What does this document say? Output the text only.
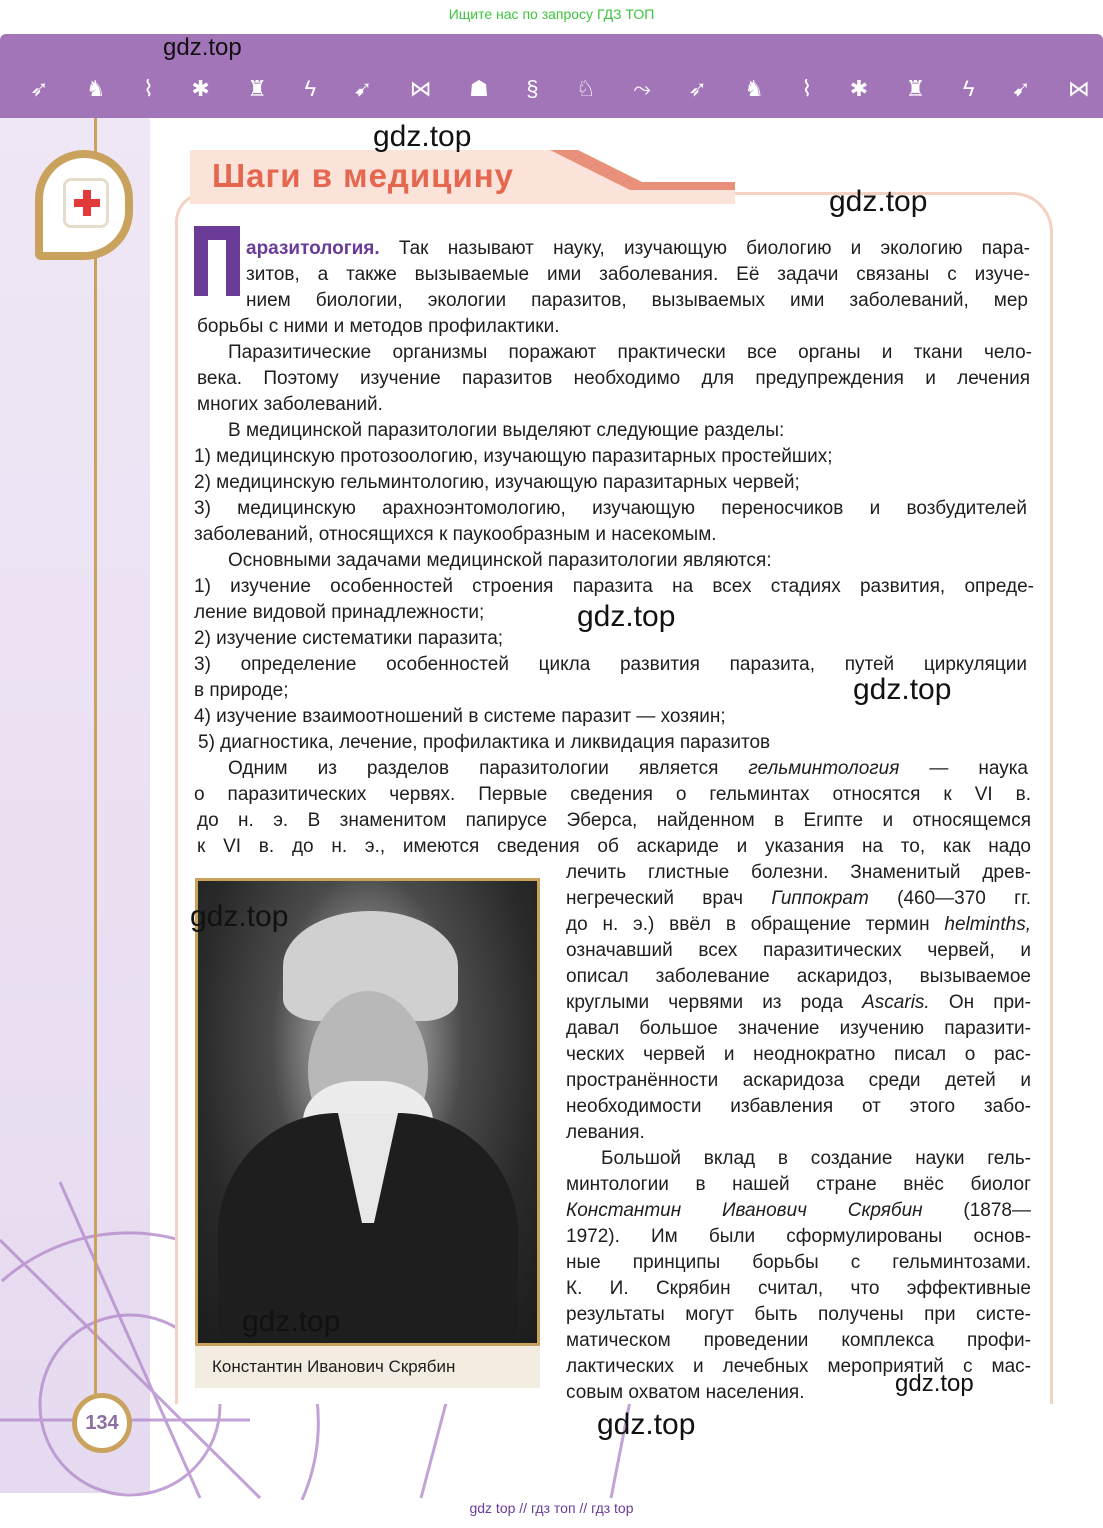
Ищите нас по запросу ГДЗ ТОП
➶ ♞ ⌇ ✱ ♜ ϟ ➹ ⋈ ☗ § ♘ ⤳ ➶ ♞ ⌇ ✱ ♜ ϟ ➹ ⋈
134
Шаги в медицину
аразитология. Так называют науку, изучающую биологию и экологию пара-
зитов, а также вызываемые ими заболевания. Её задачи связаны с изуче-
нием биологии, экологии паразитов, вызываемых ими заболеваний, мер
борьбы с ними и методов профилактики.
Паразитические организмы поражают практически все органы и ткани чело-
века. Поэтому изучение паразитов необходимо для предупреждения и лечения
многих заболеваний.
В медицинской паразитологии выделяют следующие разделы:
1) медицинскую протозоологию, изучающую паразитарных простейших;
2) медицинскую гельминтологию, изучающую паразитарных червей;
3) медицинскую арахноэнтомологию, изучающую переносчиков и возбудителей
заболеваний, относящихся к паукообразным и насекомым.
Основными задачами медицинской паразитологии являются:
1) изучение особенностей строения паразита на всех стадиях развития, опреде-
ление видовой принадлежности;
2) изучение систематики паразита;
3) определение особенностей цикла развития паразита, путей циркуляции
в природе;
4) изучение взаимоотношений в системе паразит — хозяин;
5) диагностика, лечение, профилактика и ликвидация паразитов
Одним из разделов паразитологии является гельминтология — наука
о паразитических червях. Первые сведения о гельминтах относятся к VI в.
до н. э. В знаменитом папирусе Эберса, найденном в Египте и относящемся
к VI в. до н. э., имеются сведения об аскариде и указания на то, как надо
лечить глистные болезни. Знаменитый древ-
негреческий врач Гиппократ (460—370 гг.
до н. э.) ввёл в обращение термин helminths,
означавший всех паразитических червей, и
описал заболевание аскаридоз, вызываемое
круглыми червями из рода Ascaris. Он при-
давал большое значение изучению паразити-
ческих червей и неоднократно писал о рас-
пространённости аскаридоза среди детей и
необходимости избавления от этого забо-
левания.
Большой вклад в создание науки гель-
минтологии в нашей стране внёс биолог
Константин Иванович Скрябин (1878—
1972). Им были сформулированы основ-
ные принципы борьбы с гельминтозами.
К. И. Скрябин считал, что эффективные
результаты могут быть получены при систе-
матическом проведении комплекса профи-
лактических и лечебных мероприятий с мас-
совым охватом населения.
Константин Иванович Скрябин
gdz.top
gdz.top
gdz.top
gdz.top
gdz.top
gdz.top
gdz.top
gdz.top
gdz.top
gdz top // гдз топ // гдз top
